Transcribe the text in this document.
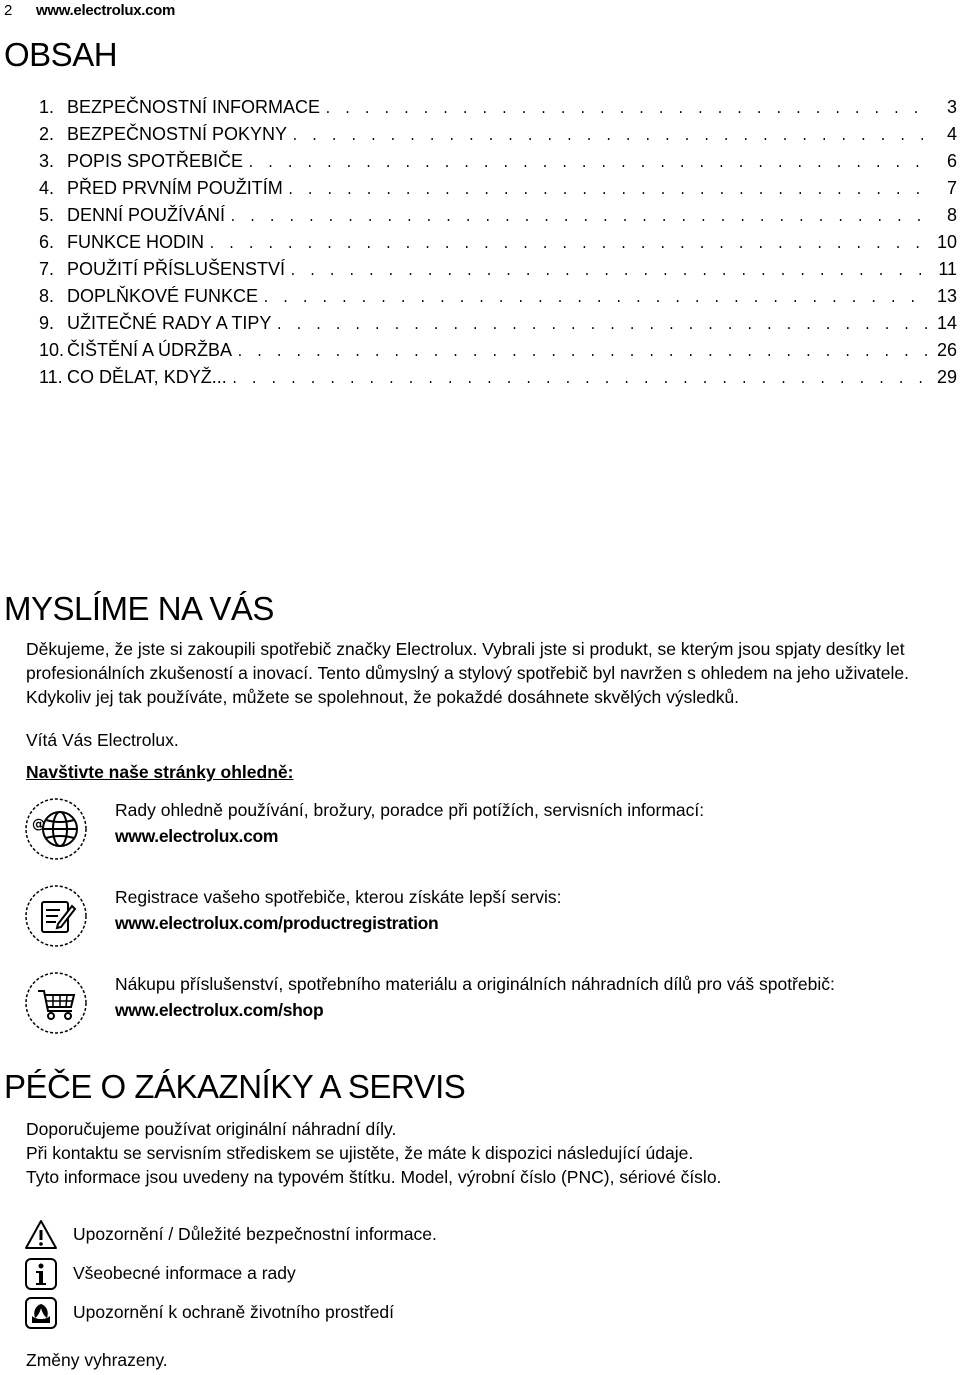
2 www.electrolux.com
OBSAH
1. BEZPEČNOSTNÍ INFORMACE . . .	3
2. BEZPEČNOSTNÍ POKYNY . . .	4
3. POPIS SPOTŘEBIČE . . .	6
4. PŘED PRVNÍM POUŽITÍM . . .	7
5. DENNÍ POUŽÍVÁNÍ . . .	8
6. FUNKCE HODIN . . .	10
7. POUŽITÍ PŘÍSLUŠENSTVÍ . . .	11
8. DOPLŇKOVÉ FUNKCE . . .	13
9. UŽITEČNÉ RADY A TIPY . . .	14
10. ČIŠTĚNÍ A ÚDRŽBA . . .	26
11. CO DĚLAT, KDYŽ... . . .	29
MYSLÍME NA VÁS

Děkujeme, že jste si zakoupili spotřebič značky Electrolux. Vybrali jste si produkt, se kterým jsou spjaty desítky let profesionálních zkušeností a inovací. Tento důmyslný a stylový spotřebič byl navržen s ohledem na jeho uživatele. Kdykoliv jej tak používáte, můžete se spolehnout, že pokaždé dosáhnete skvělých výsledků.

Vítá Vás Electrolux.

Navštivte naše stránky ohledně:

@
Rady ohledně používání, brožury, poradce při potížích, servisních informací:
www.electrolux.com
Registrace vašeho spotřebiče, kterou získáte lepší servis:
www.electrolux.com/productregistration
Nákupu příslušenství, spotřebního materiálu a originálních náhradních dílů pro váš spotřebič:
www.electrolux.com/shop
PÉČE O ZÁKAZNÍKY A SERVIS
Doporučujeme používat originální náhradní díly.
Při kontaktu se servisním střediskem se ujistěte, že máte k dispozici následující údaje.
Tyto informace jsou uvedeny na typovém štítku. Model, výrobní číslo (PNC), sériové číslo.
Upozornění / Důležité bezpečnostní informace.
Všeobecné informace a rady
Upozornění k ochraně životního prostředí

Změny vyhrazeny.
